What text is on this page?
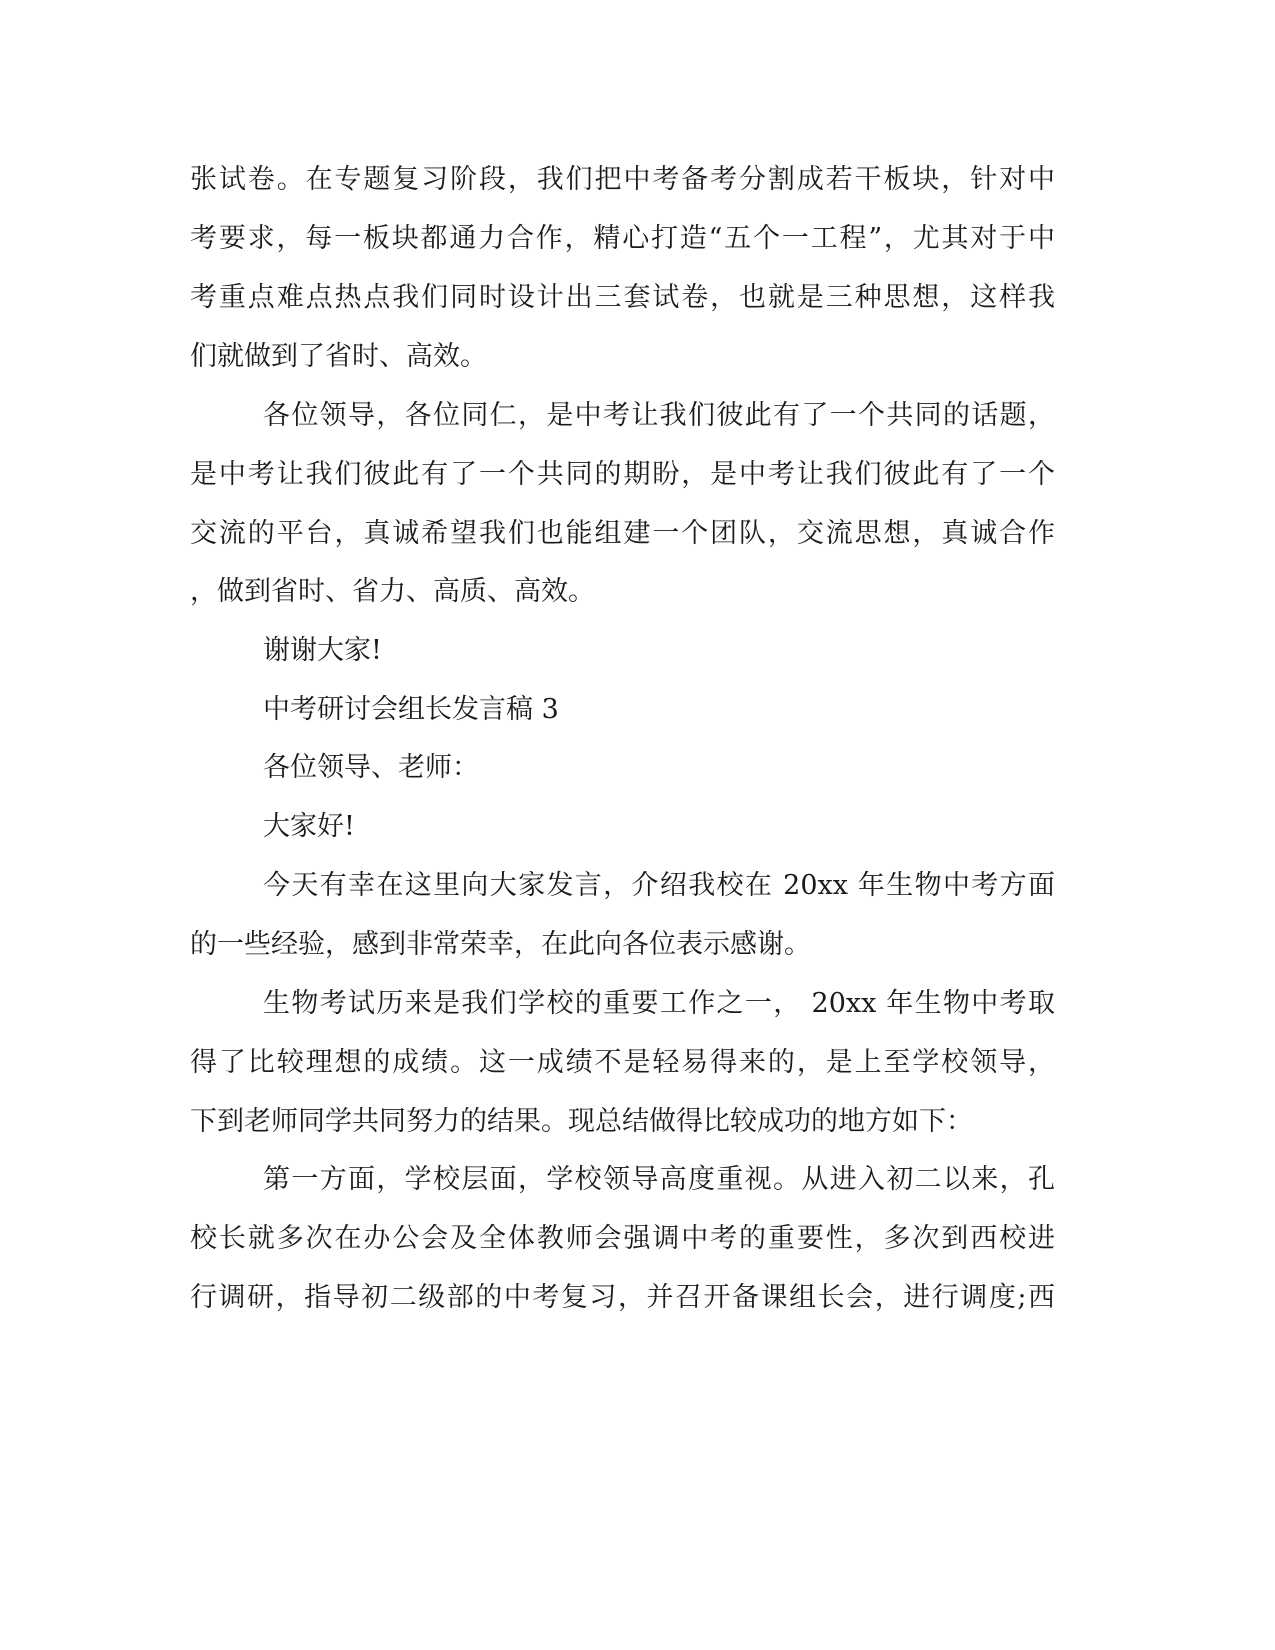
张试卷。在专题复习阶段，我们把中考备考分割成若干板块，针对中
考要求，每一板块都通力合作，精心打造“五个一工程”，尤其对于中
考重点难点热点我们同时设计出三套试卷，也就是三种思想，这样我
们就做到了省时、高效。
各位领导，各位同仁，是中考让我们彼此有了一个共同的话题，
是中考让我们彼此有了一个共同的期盼，是中考让我们彼此有了一个
交流的平台，真诚希望我们也能组建一个团队，交流思想，真诚合作
，做到省时、省力、高质、高效。
谢谢大家!
中考研讨会组长发言稿 3
各位领导、老师：
大家好!
今天有幸在这里向大家发言，介绍我校在 20xx 年生物中考方面
的一些经验，感到非常荣幸，在此向各位表示感谢。
生物考试历来是我们学校的重要工作之一， 20xx 年生物中考取
得了比较理想的成绩。这一成绩不是轻易得来的，是上至学校领导，
下到老师同学共同努力的结果。现总结做得比较成功的地方如下：
第一方面，学校层面，学校领导高度重视。从进入初二以来，孔
校长就多次在办公会及全体教师会强调中考的重要性，多次到西校进
行调研，指导初二级部的中考复习，并召开备课组长会，进行调度;西
